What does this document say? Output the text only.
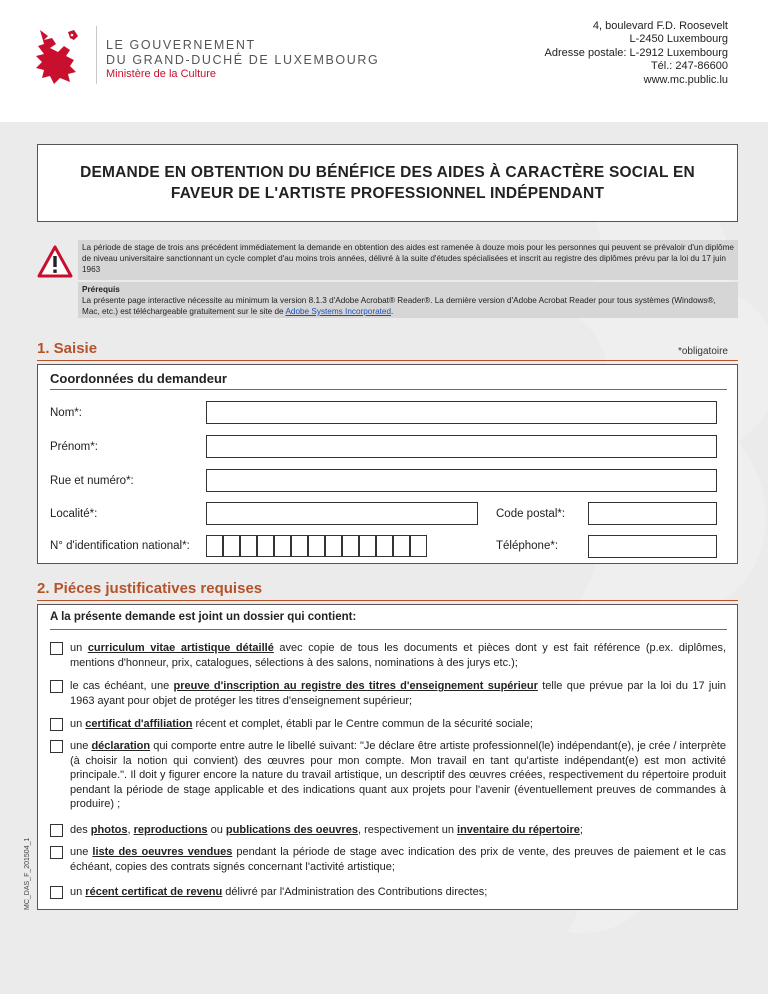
LE GOUVERNEMENT
DU GRAND-DUCHÉ DE LUXEMBOURG
Ministère de la Culture
4, boulevard F.D. Roosevelt
L-2450 Luxembourg
Adresse postale: L-2912 Luxembourg
Tél.: 247-86600
www.mc.public.lu
DEMANDE EN OBTENTION DU BÉNÉFICE DES AIDES À CARACTÈRE SOCIAL EN FAVEUR DE L'ARTISTE PROFESSIONNEL INDÉPENDANT
La période de stage de trois ans précédent immédiatement la demande en obtention des aides est ramenée à douze mois pour les personnes qui peuvent se prévaloir d'un diplôme de niveau universitaire sanctionnant un cycle complet d'au moins trois années, délivré à la suite d'études spécialisées et inscrit au registre des diplômes prévu par la loi du 17 juin 1963
Prérequis
La présente page interactive nécessite au minimum la version 8.1.3 d'Adobe Acrobat® Reader®. La dernière version d'Adobe Acrobat Reader pour tous systèmes (Windows®, Mac, etc.) est téléchargeable gratuitement sur le site de Adobe Systems Incorporated.
1. Saisie	*obligatoire
Coordonnées du demandeur
Nom*:
Prénom*:
Rue et numéro*:
Localité*:	Code postal*:
N° d'identification national*:	Téléphone*:
2. Piéces justificatives requises
A la présente demande est joint un dossier qui contient:
un curriculum vitae artistique détaillé avec copie de tous les documents et pièces dont y est fait référence (p.ex. diplômes, mentions d'honneur, prix, catalogues, sélections à des salons, nominations à des jurys etc.);
le cas échéant, une preuve d'inscription au registre des titres d'enseignement supérieur telle que prévue par la loi du 17 juin 1963 ayant pour objet de protéger les titres d'enseignement supérieur;
un certificat d'affiliation récent et complet, établi par le Centre commun de la sécurité sociale;
une déclaration qui comporte entre autre le libellé suivant: "Je déclare être artiste professionnel(le) indépendant(e), je crée / interprète (à choisir la notion qui convient) des œuvres pour mon compte. Mon travail en tant qu'artiste indépendant(e) est mon activité principale.". Il doit y figurer encore la nature du travail artistique, un descriptif des œuvres créées, respectivement du répertoire produit pendant la période de stage applicable et des indications quant aux projets pour l'avenir (éventuellement preuves de commandes à produire) ;
des photos, reproductions ou publications des oeuvres, respectivement un inventaire du répertoire;
une liste des oeuvres vendues pendant la période de stage avec indication des prix de vente, des preuves de paiement et le cas échéant, copies des contrats signés concernant l'activité artistique;
un récent certificat de revenu délivré par l'Administration des Contributions directes;
MC_DAS_F_201504_1
